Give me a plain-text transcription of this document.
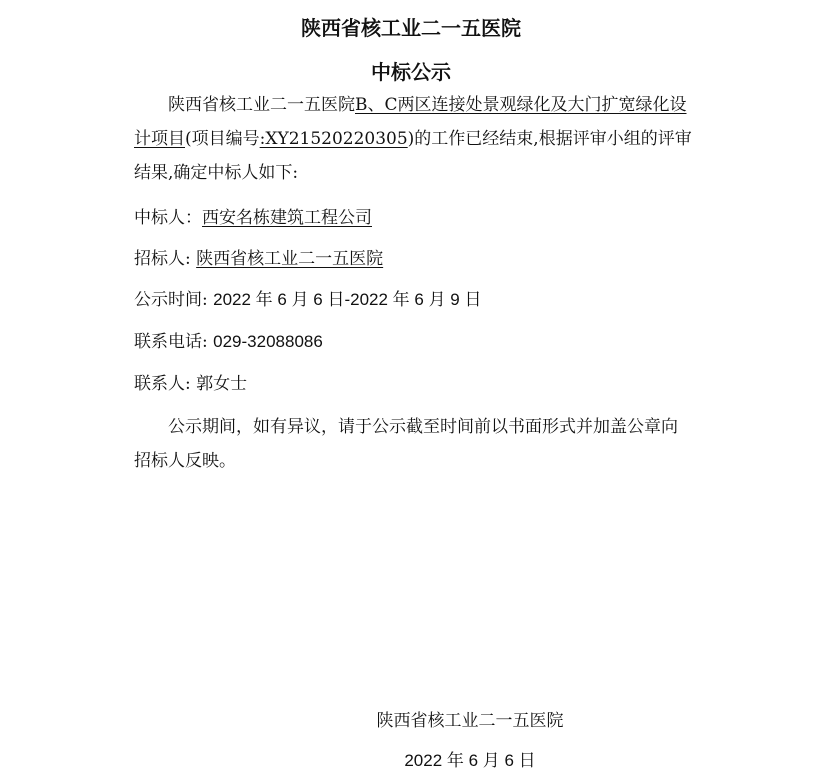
陕西省核工业二一五医院
中标公示
陕西省核工业二一五医院B、C两区连接处景观绿化及大门扩宽绿化设计项目(项目编号:XY21520220305)的工作已经结束,根据评审小组的评审结果,确定中标人如下:
中标人：西安名栋建筑工程公司
招标人: 陕西省核工业二一五医院
公示时间: 2022 年 6 月 6 日-2022 年 6 月 9 日
联系电话: 029-32088086
联系人: 郭女士
公示期间，如有异议，请于公示截至时间前以书面形式并加盖公章向招标人反映。
陕西省核工业二一五医院
2022 年 6 月 6 日
